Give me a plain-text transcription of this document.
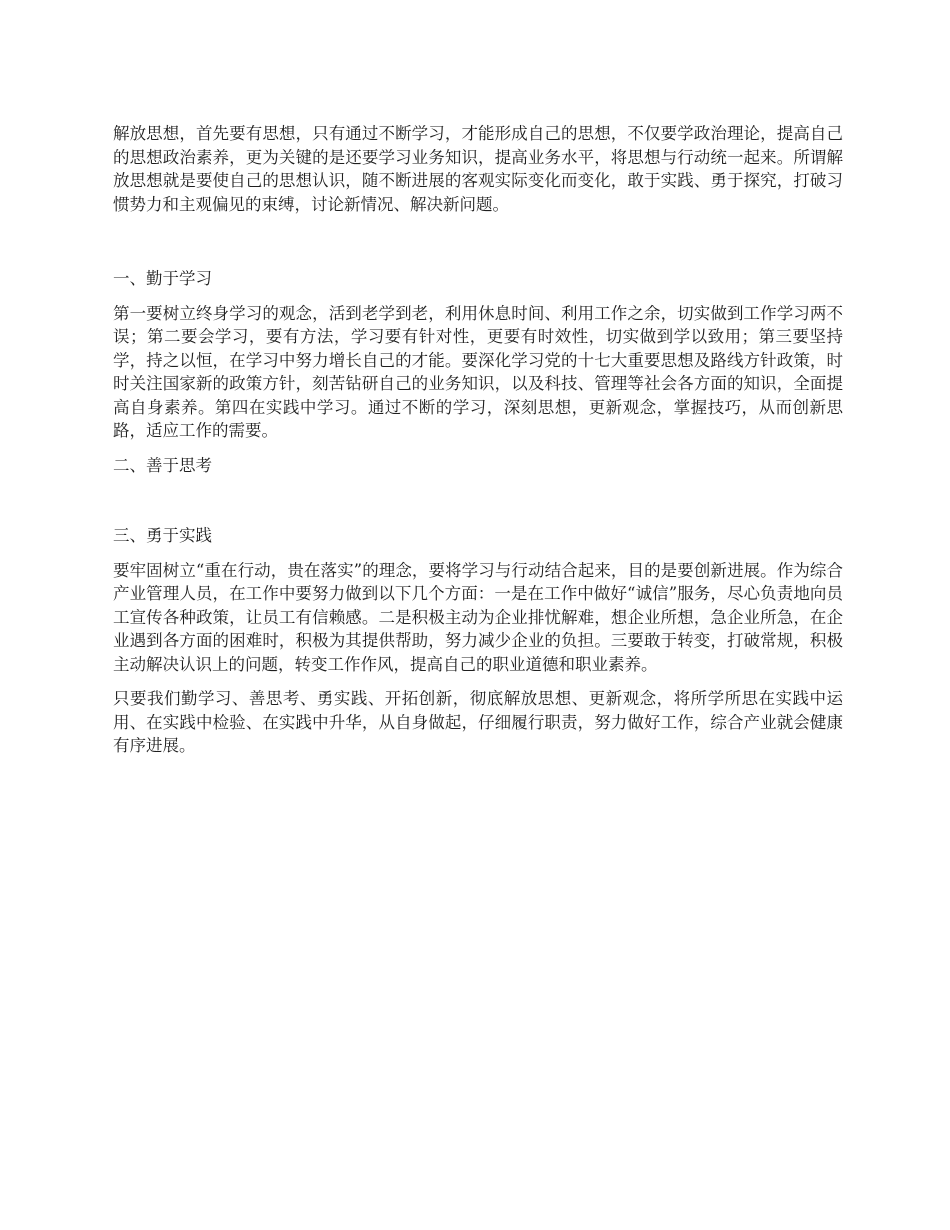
解放思想，首先要有思想，只有通过不断学习，才能形成自己的思想，不仅要学政治理论，提高自己的思想政治素养，更为关键的是还要学习业务知识，提高业务水平，将思想与行动统一起来。所谓解放思想就是要使自己的思想认识，随不断进展的客观实际变化而变化，敢于实践、勇于探究，打破习惯势力和主观偏见的束缚，讨论新情况、解决新问题。

一、勤于学习

第一要树立终身学习的观念，活到老学到老，利用休息时间、利用工作之余，切实做到工作学习两不误；第二要会学习，要有方法，学习要有针对性，更要有时效性，切实做到学以致用；第三要坚持学，持之以恒，在学习中努力增长自己的才能。要深化学习党的十七大重要思想及路线方针政策，时时关注国家新的政策方针，刻苦钻研自己的业务知识，以及科技、管理等社会各方面的知识，全面提高自身素养。第四在实践中学习。通过不断的学习，深刻思想，更新观念，掌握技巧，从而创新思路，适应工作的需要。

二、善于思考

三、勇于实践

要牢固树立“重在行动，贵在落实”的理念，要将学习与行动结合起来，目的是要创新进展。作为综合产业管理人员，在工作中要努力做到以下几个方面：一是在工作中做好“诚信”服务，尽心负责地向员工宣传各种政策，让员工有信赖感。二是积极主动为企业排忧解难，想企业所想，急企业所急，在企业遇到各方面的困难时，积极为其提供帮助，努力减少企业的负担。三要敢于转变，打破常规，积极主动解决认识上的问题，转变工作作风，提高自己的职业道德和职业素养。

只要我们勤学习、善思考、勇实践、开拓创新，彻底解放思想、更新观念，将所学所思在实践中运用、在实践中检验、在实践中升华，从自身做起，仔细履行职责，努力做好工作，综合产业就会健康有序进展。
